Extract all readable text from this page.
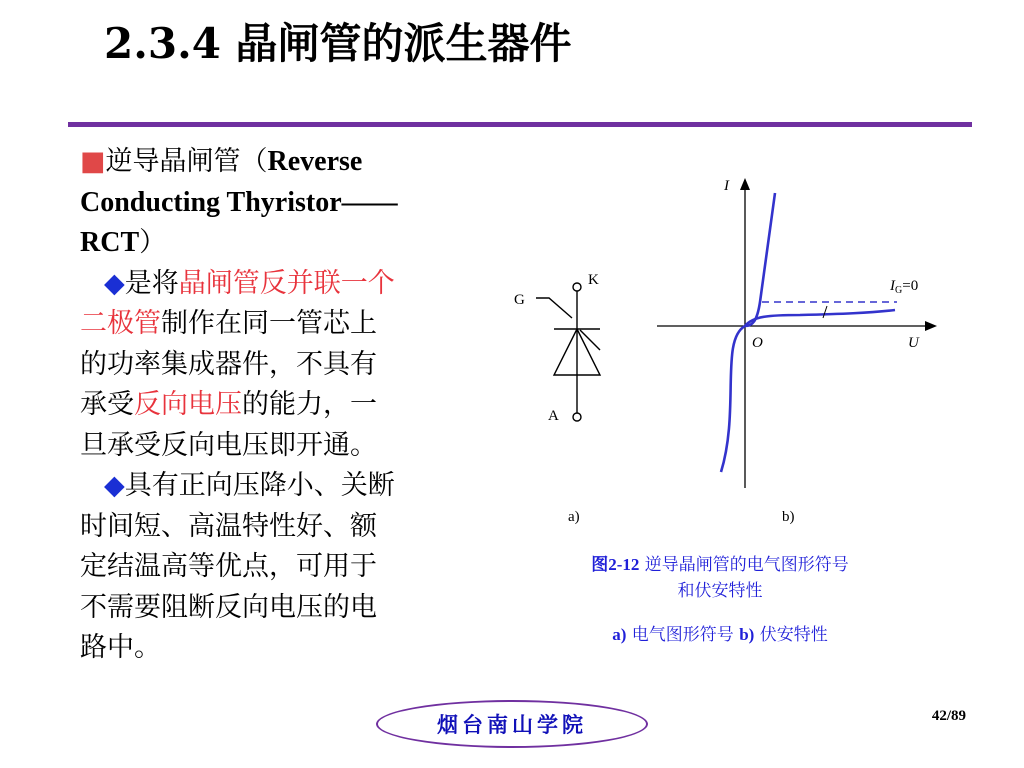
2.3.4 晶闸管的派生器件
■逆导晶闸管（Reverse
Conducting Thyristor——
RCT）
◆是将晶闸管反并联一个
二极管制作在同一管芯上
的功率集成器件，不具有
承受反向电压的能力，一
旦承受反向电压即开通。
◆具有正向压降小、关断
时间短、高温特性好、额
定结温高等优点，可用于
不需要阻断反向电压的电
路中。
K
G
A
a)
I
U
O
$I_G=0$
b)
图2-12 逆导晶闸管的电气图形符号
和伏安特性
a) 电气图形符号 b) 伏安特性
烟台南山学院	42/89
